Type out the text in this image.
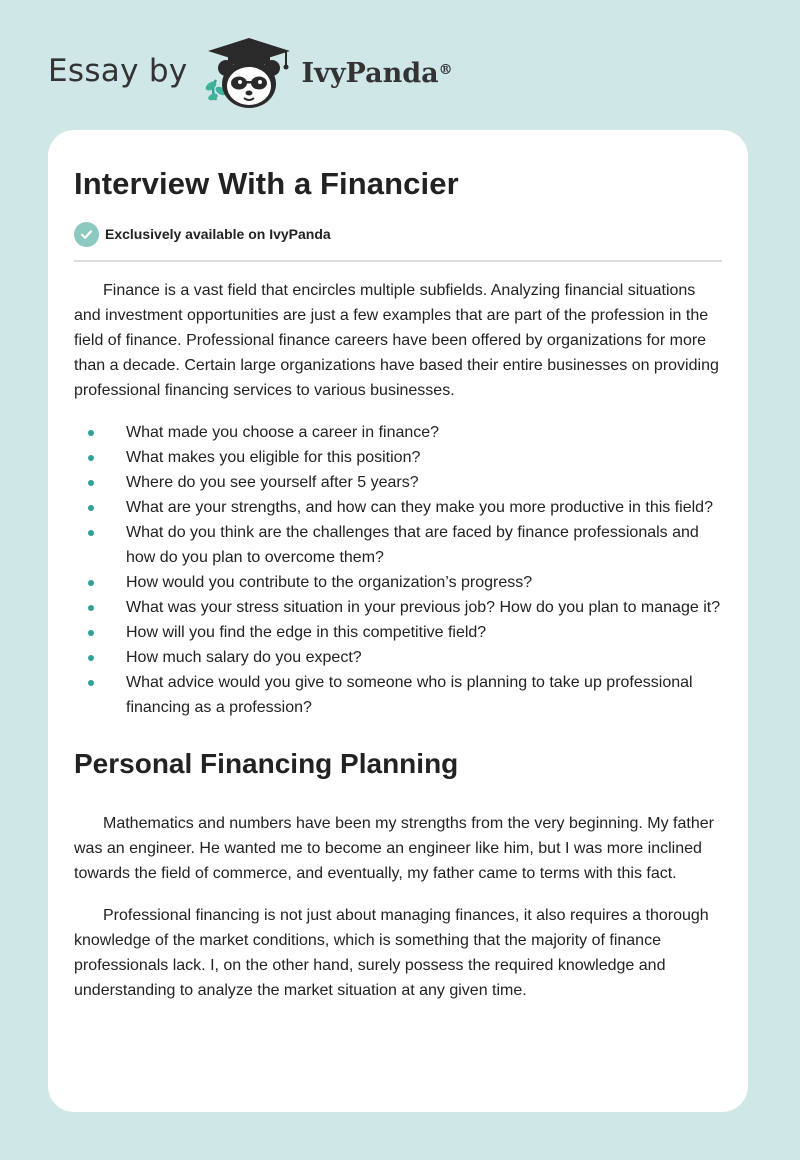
Essay by	IvyPanda®
Interview With a Financier
Exclusively available on IvyPanda

Finance is a vast field that encircles multiple subfields. Analyzing financial situations and investment opportunities are just a few examples that are part of the profession in the field of finance. Professional finance careers have been offered by organizations for more than a decade. Certain large organizations have based their entire businesses on providing professional financing services to various businesses.

What made you choose a career in finance?
What makes you eligible for this position?
Where do you see yourself after 5 years?
What are your strengths, and how can they make you more productive in this field?
What do you think are the challenges that are faced by finance professionals and how do you plan to overcome them?
How would you contribute to the organization’s progress?
What was your stress situation in your previous job? How do you plan to manage it?
How will you find the edge in this competitive field?
How much salary do you expect?
What advice would you give to someone who is planning to take up professional financing as a profession?
Personal Financing Planning

Mathematics and numbers have been my strengths from the very beginning. My father was an engineer. He wanted me to become an engineer like him, but I was more inclined towards the field of commerce, and eventually, my father came to terms with this fact.

Professional financing is not just about managing finances, it also requires a thorough knowledge of the market conditions, which is something that the majority of finance professionals lack. I, on the other hand, surely possess the required knowledge and understanding to analyze the market situation at any given time.
